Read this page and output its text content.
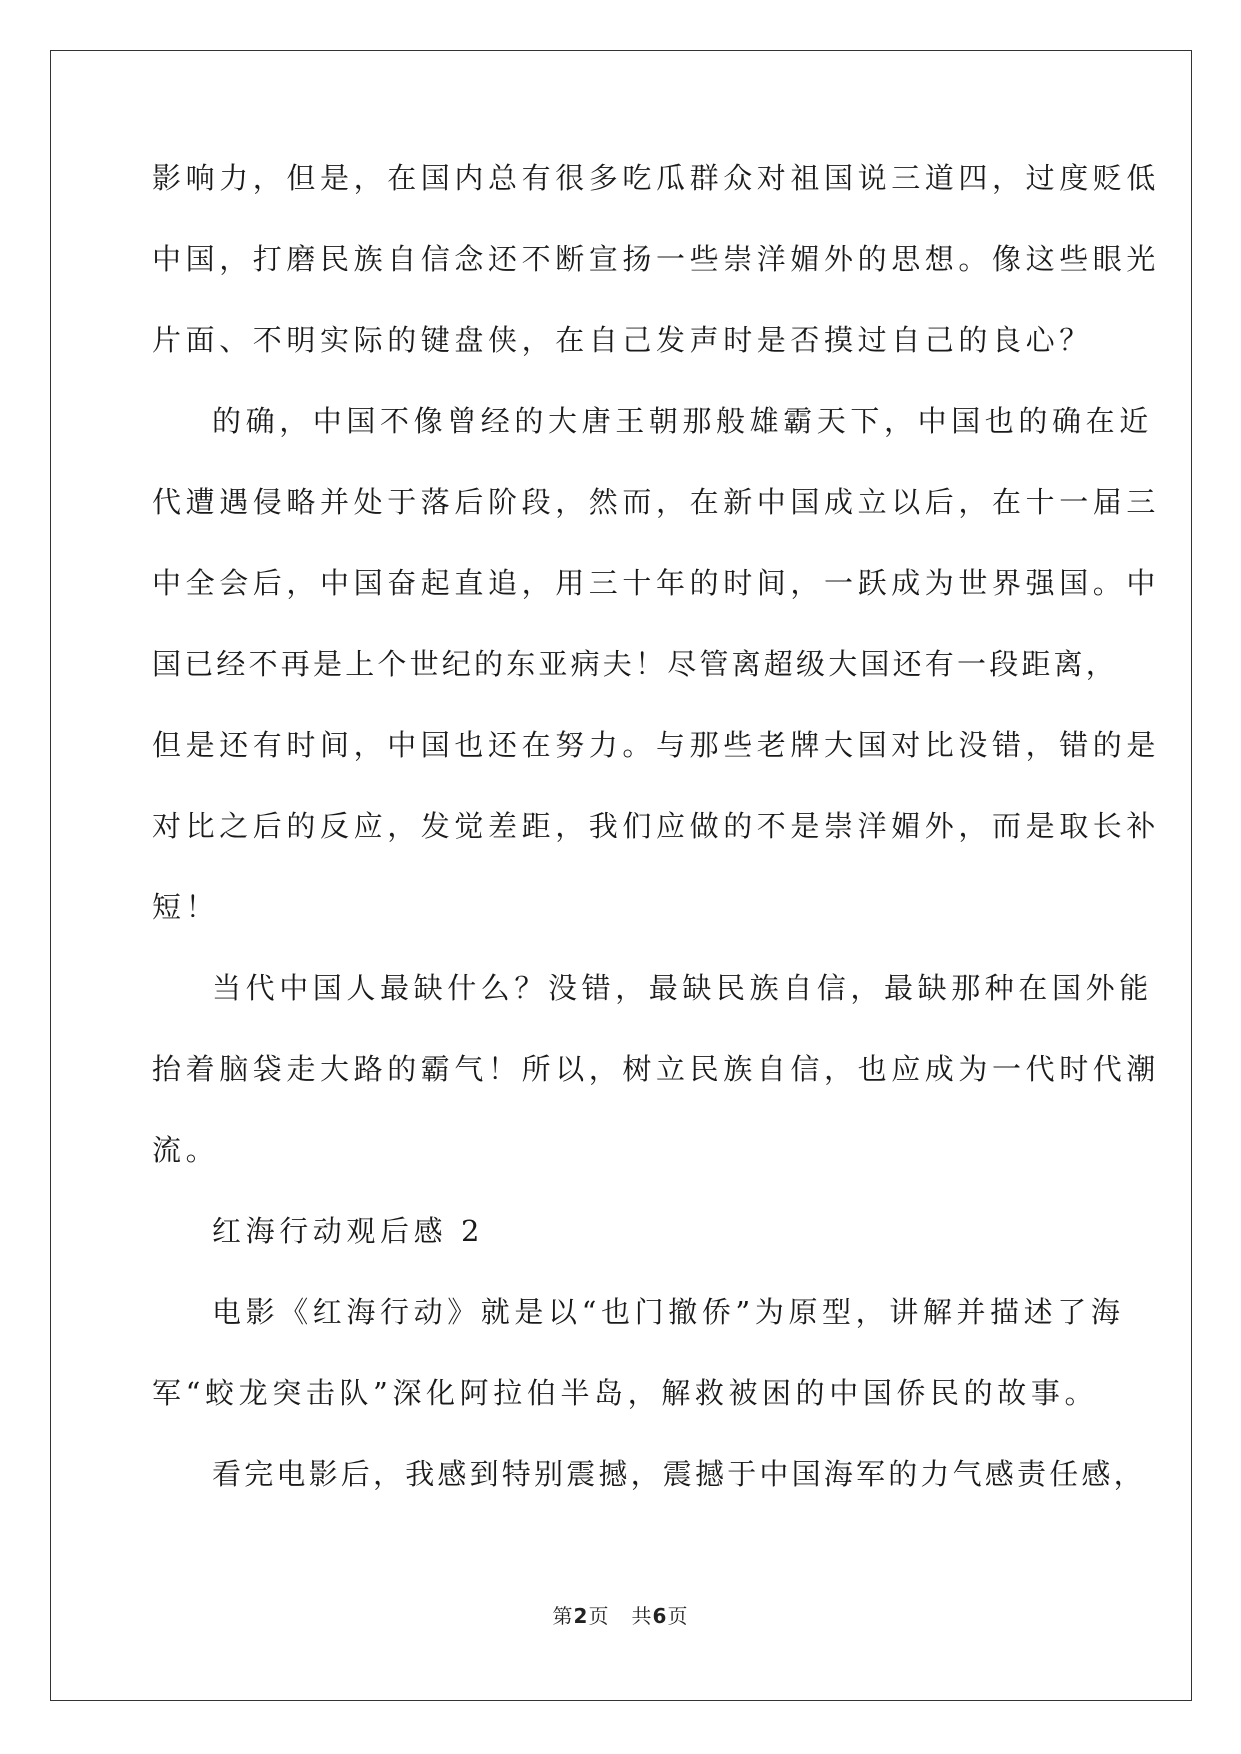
影响力，但是，在国内总有很多吃瓜群众对祖国说三道四，过度贬低
中国，打磨民族自信念还不断宣扬一些崇洋媚外的思想。像这些眼光
片面、不明实际的键盘侠，在自己发声时是否摸过自己的良心？
的确，中国不像曾经的大唐王朝那般雄霸天下，中国也的确在近
代遭遇侵略并处于落后阶段，然而，在新中国成立以后，在十一届三
中全会后，中国奋起直追，用三十年的时间，一跃成为世界强国。中
国已经不再是上个世纪的东亚病夫！尽管离超级大国还有一段距离，
但是还有时间，中国也还在努力。与那些老牌大国对比没错，错的是
对比之后的反应，发觉差距，我们应做的不是崇洋媚外，而是取长补
短！
当代中国人最缺什么？没错，最缺民族自信，最缺那种在国外能
抬着脑袋走大路的霸气！所以，树立民族自信，也应成为一代时代潮
流。
红海行动观后感 2
电影《红海行动》就是以“也门撤侨”为原型，讲解并描述了海
军“蛟龙突击队”深化阿拉伯半岛，解救被困的中国侨民的故事。
看完电影后，我感到特别震撼，震撼于中国海军的力气感责任感，
第2页 共6页
